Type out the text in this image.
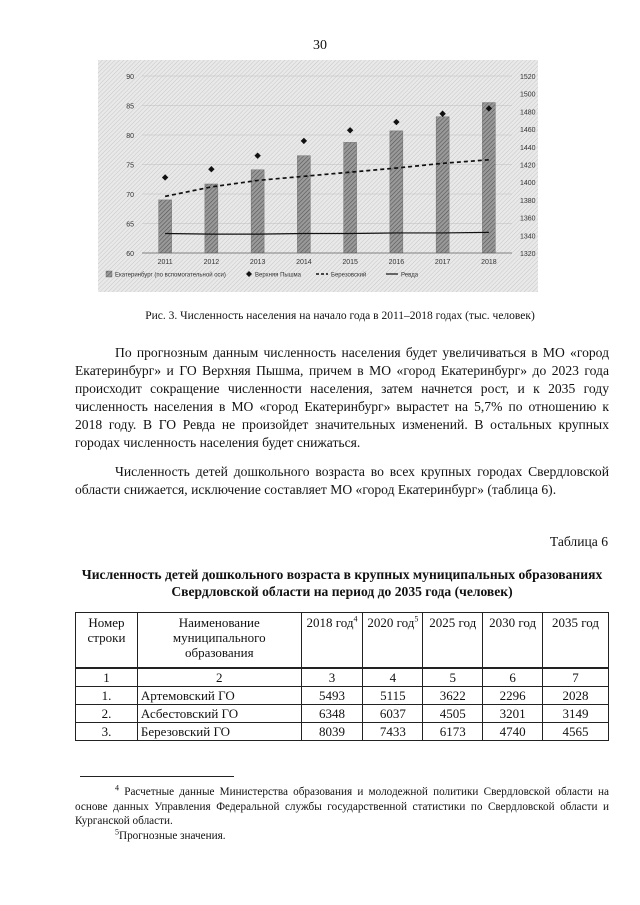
30
60
65
70
75
80
85
90
1320
1340
1360
1380
1400
1420
1440
1460
1480
1500
1520
2011	2012	2013	2014	2015	2016	2017	2018
Екатеринбург (по вспомогательной оси)	Верхняя Пышма	Березовский	Ревда
Рис. 3. Численность населения на начало года в 2011–2018 годах (тыс. человек)

По прогнозным данным численность населения будет увеличиваться в МО «город Екатеринбург» и ГО Верхняя Пышма, причем в МО «город Екатеринбург» до 2023 года происходит сокращение численности населения, затем начнется рост, и к 2035 году численность населения в МО «город Екатеринбург» вырастет на 5,7% по отношению к 2018 году. В ГО Ревда не произойдет значительных изменений. В остальных крупных городах численность населения будет снижаться.

Численность детей дошкольного возраста во всех крупных городах Свердловской области снижается, исключение составляет МО «город Екатеринбург» (таблица 6).

Таблица 6
Численность детей дошкольного возраста в крупных муниципальных образованиях Свердловской области на период до 2035 года (человек)
Номер строки	Наименование муниципального образования	2018 год$^4$	2020 год$^5$	2025 год	2030 год	2035 год
1	2	3	4	5	6	7
1.	Артемовский ГО	5493	5115	3622	2296	2028
2.	Асбестовский ГО	6348	6037	4505	3201	3149
3.	Березовский ГО	8039	7433	6173	4740	4565

$^4$ Расчетные данные Министерства образования и молодежной политики Свердловской области на основе данных Управления Федеральной службы государственной статистики по Свердловской области и Курганской области.

$^5$Прогнозные значения.
